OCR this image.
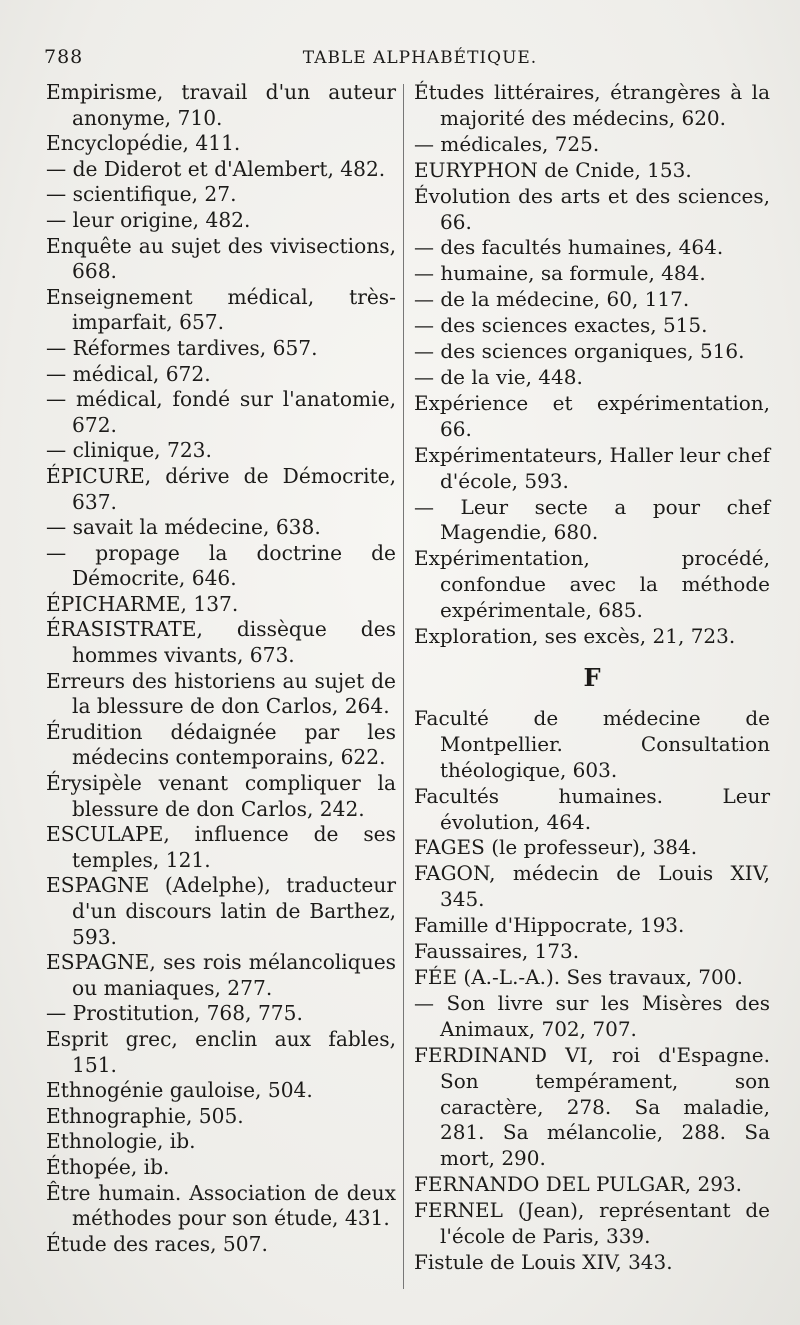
788	TABLE ALPHABÉTIQUE.
Empirisme, travail d'un auteur anonyme, 710.
Encyclopédie, 411.
— de Diderot et d'Alembert, 482.
— scientifique, 27.
— leur origine, 482.
Enquête au sujet des vivisections, 668.
Enseignement médical, très-imparfait, 657.
— Réformes tardives, 657.
— médical, 672.
— médical, fondé sur l'anatomie, 672.
— clinique, 723.
ÉPICURE, dérive de Démocrite, 637.
— savait la médecine, 638.
— propage la doctrine de Démocrite, 646.
ÉPICHARME, 137.
ÉRASISTRATE, dissèque des hommes vivants, 673.
Erreurs des historiens au sujet de la blessure de don Carlos, 264.
Érudition dédaignée par les médecins contemporains, 622.
Érysipèle venant compliquer la blessure de don Carlos, 242.
ESCULAPE, influence de ses temples, 121.
ESPAGNE (Adelphe), traducteur d'un discours latin de Barthez, 593.
ESPAGNE, ses rois mélancoliques ou maniaques, 277.
— Prostitution, 768, 775.
Esprit grec, enclin aux fables, 151.
Ethnogénie gauloise, 504.
Ethnographie, 505.
Ethnologie, ib.
Éthopée, ib.
Être humain. Association de deux méthodes pour son étude, 431.
Étude des races, 507.
Études littéraires, étrangères à la majorité des médecins, 620.
— médicales, 725.
EURYPHON de Cnide, 153.
Évolution des arts et des sciences, 66.
— des facultés humaines, 464.
— humaine, sa formule, 484.
— de la médecine, 60, 117.
— des sciences exactes, 515.
— des sciences organiques, 516.
— de la vie, 448.
Expérience et expérimentation, 66.
Expérimentateurs, Haller leur chef d'école, 593.
— Leur secte a pour chef Magendie, 680.
Expérimentation, procédé, confondue avec la méthode expérimentale, 685.
Exploration, ses excès, 21, 723.
F
Faculté de médecine de Montpellier. Consultation théologique, 603.
Facultés humaines. Leur évolution, 464.
FAGES (le professeur), 384.
FAGON, médecin de Louis XIV, 345.
Famille d'Hippocrate, 193.
Faussaires, 173.
FÉE (A.-L.-A.). Ses travaux, 700.
— Son livre sur les Misères des Animaux, 702, 707.
FERDINAND VI, roi d'Espagne. Son tempérament, son caractère, 278. Sa maladie, 281. Sa mélancolie, 288. Sa mort, 290.
FERNANDO DEL PULGAR, 293.
FERNEL (Jean), représentant de l'école de Paris, 339.
Fistule de Louis XIV, 343.
